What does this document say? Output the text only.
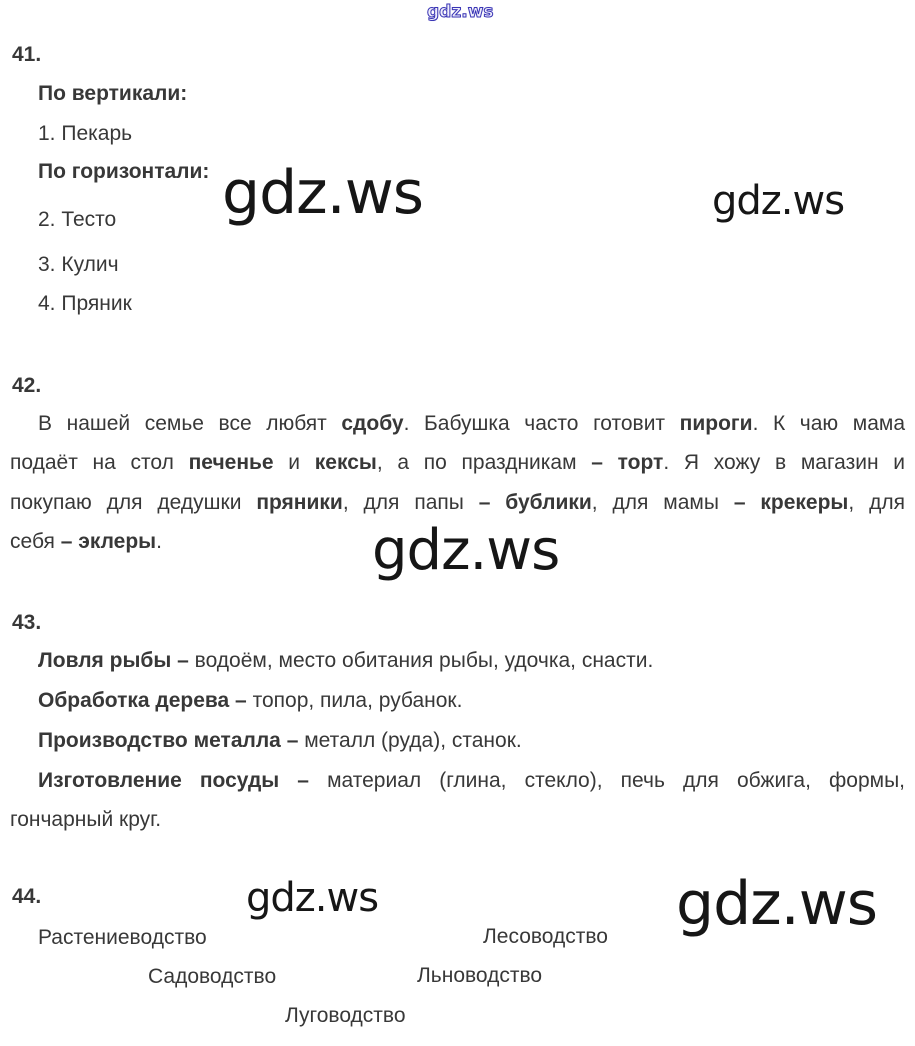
gdz.ws
gdz.ws	gdz.ws
gdz.ws
gdz.ws	gdz.ws
41.
По вертикали:
1. Пекарь
По горизонтали:
2. Тесто
3. Кулич
4. Пряник
42.
В нашей семье все любят сдобу. Бабушка часто готовит пироги. К чаю мама
подаёт на стол печенье и кексы, а по праздникам – торт. Я хожу в магазин и
покупаю для дедушки пряники, для папы – бублики, для мамы – крекеры, для
себя – эклеры.
43.
Ловля рыбы – водоём, место обитания рыбы, удочка, снасти.
Обработка дерева – топор, пила, рубанок.
Производство металла – металл (руда), станок.
Изготовление посуды – материал (глина, стекло), печь для обжига, формы,
гончарный круг.
44.
Растениеводство	Лесоводство
Садоводство	Льноводство
Луговодство
